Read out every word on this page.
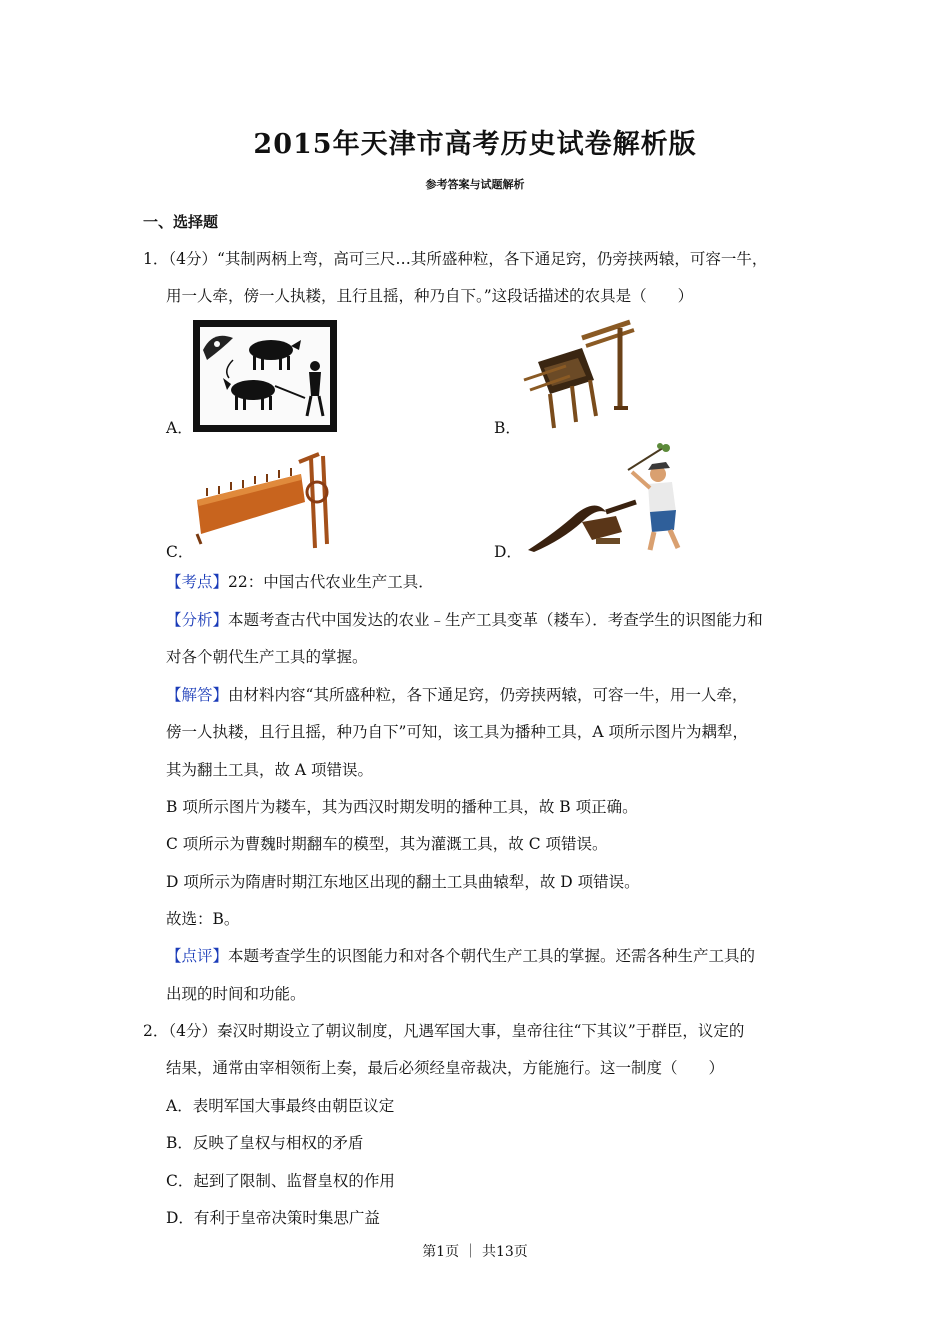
2015年天津市高考历史试卷解析版
参考答案与试题解析
一、选择题
1．（4分）“其制两柄上弯，高可三尺…其所盛种粒，各下通足窍，仍旁挟两辕，可容一牛，
用一人牵，傍一人执耧，且行且摇，种乃自下。”这段话描述的农具是（　　）
A．	B．
C．	D．
【考点】22：中国古代农业生产工具．
【分析】本题考查古代中国发达的农业﹣生产工具变革（耧车）．考查学生的识图能力和
对各个朝代生产工具的掌握。
【解答】由材料内容“其所盛种粒，各下通足窍，仍旁挟两辕，可容一牛，用一人牵，
傍一人执耧，且行且摇，种乃自下”可知，该工具为播种工具，A 项所示图片为耦犁，
其为翻土工具，故 A 项错误。
B 项所示图片为耧车，其为西汉时期发明的播种工具，故 B 项正确。
C 项所示为曹魏时期翻车的模型，其为灌溉工具，故 C 项错误。
D 项所示为隋唐时期江东地区出现的翻土工具曲辕犁，故 D 项错误。
故选：B。
【点评】本题考查学生的识图能力和对各个朝代生产工具的掌握。还需各种生产工具的
出现的时间和功能。
2．（4分）秦汉时期设立了朝议制度，凡遇军国大事，皇帝往往“下其议”于群臣，议定的
结果，通常由宰相领衔上奏，最后必须经皇帝裁决，方能施行。这一制度（　　）
A．表明军国大事最终由朝臣议定
B．反映了皇权与相权的矛盾
C．起到了限制、监督皇权的作用
D．有利于皇帝决策时集思广益
第1页 ｜ 共13页
